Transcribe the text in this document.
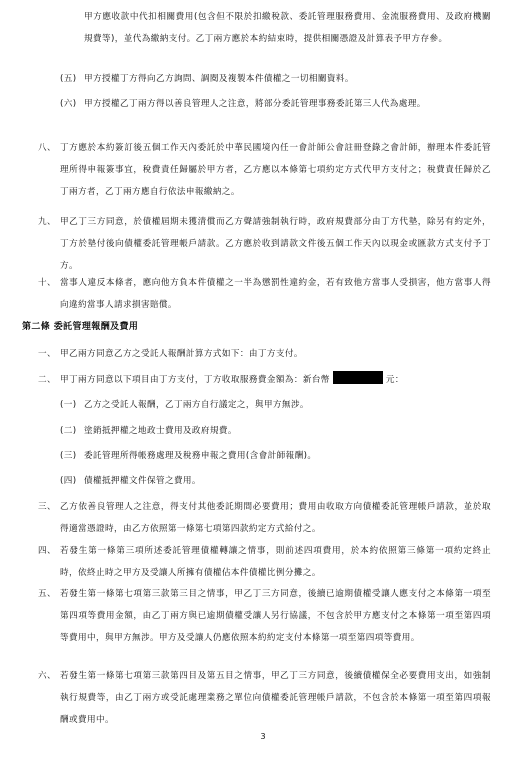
甲方應收款中代扣相關費用(包含但不限於扣繳稅款、委託管理服務費用、金流服務費用、及政府機關規費等)，並代為繳納支付。乙丁兩方應於本約結束時，提供相關憑證及計算表予甲方存參。

(五) 甲方授權丁方得向乙方詢問、調閱及複製本件債權之一切相關資料。

(六) 甲方授權乙丁兩方得以善良管理人之注意，將部分委託管理事務委託第三人代為處理。

八、 丁方應於本約簽訂後五個工作天內委託於中華民國境內任一會計師公會註冊登錄之會計師，辦理本件委託管理所得申報簽事宜，稅費責任歸屬於甲方者，乙方應以本條第七項約定方式代甲方支付之；稅費責任歸於乙丁兩方者，乙丁兩方應自行依法申報繳納之。

九、 甲乙丁三方同意，於債權屆期未獲清償而乙方聲請強制執行時，政府規費部分由丁方代墊，除另有約定外，丁方於墊付後向債權委託管理帳戶請款。乙方應於收到請款文件後五個工作天內以現金或匯款方式支付予丁方。

十、 當事人違反本條者，應向他方負本件債權之一半為懲罰性違約金，若有致他方當事人受損害，他方當事人得向違約當事人請求損害賠償。

第二條 委託管理報酬及費用
一、 甲乙兩方同意乙方之受託人報酬計算方式如下：由丁方支付。

二、 甲丁兩方同意以下項目由丁方支付，丁方收取服務費金額為：新台幣	元：

(一) 乙方之受託人報酬，乙丁兩方自行議定之，與甲方無涉。

(二) 塗銷抵押權之地政士費用及政府規費。

(三) 委託管理所得帳務處理及稅務申報之費用(含會計師報酬)。

(四) 債權抵押權文件保管之費用。

三、 乙方依善良管理人之注意，得支付其他委託期間必要費用；費用由收取方向債權委託管理帳戶請款，並於取得適當憑證時，由乙方依照第一條第七項第四款約定方式給付之。

四、 若發生第一條第三項所述委託管理債權轉讓之情事，則前述四項費用，於本約依照第三條第一項約定終止時，依終止時之甲方及受讓人所擁有債權佔本件債權比例分攤之。

五、 若發生第一條第七項第三款第三目之情事，甲乙丁三方同意，後續已逾期債權受讓人應支付之本條第一項至第四項等費用金額，由乙丁兩方與已逾期債權受讓人另行協議，不包含於甲方應支付之本條第一項至第四項等費用中，與甲方無涉。甲方及受讓人仍應依照本約約定支付本條第一項至第四項等費用。

六、 若發生第一條第七項第三款第四目及第五目之情事，甲乙丁三方同意，後續債權保全必要費用支出，如強制執行規費等，由乙丁兩方或受託處理業務之單位向債權委託管理帳戶請款，不包含於本條第一項至第四項報酬或費用中。

3
